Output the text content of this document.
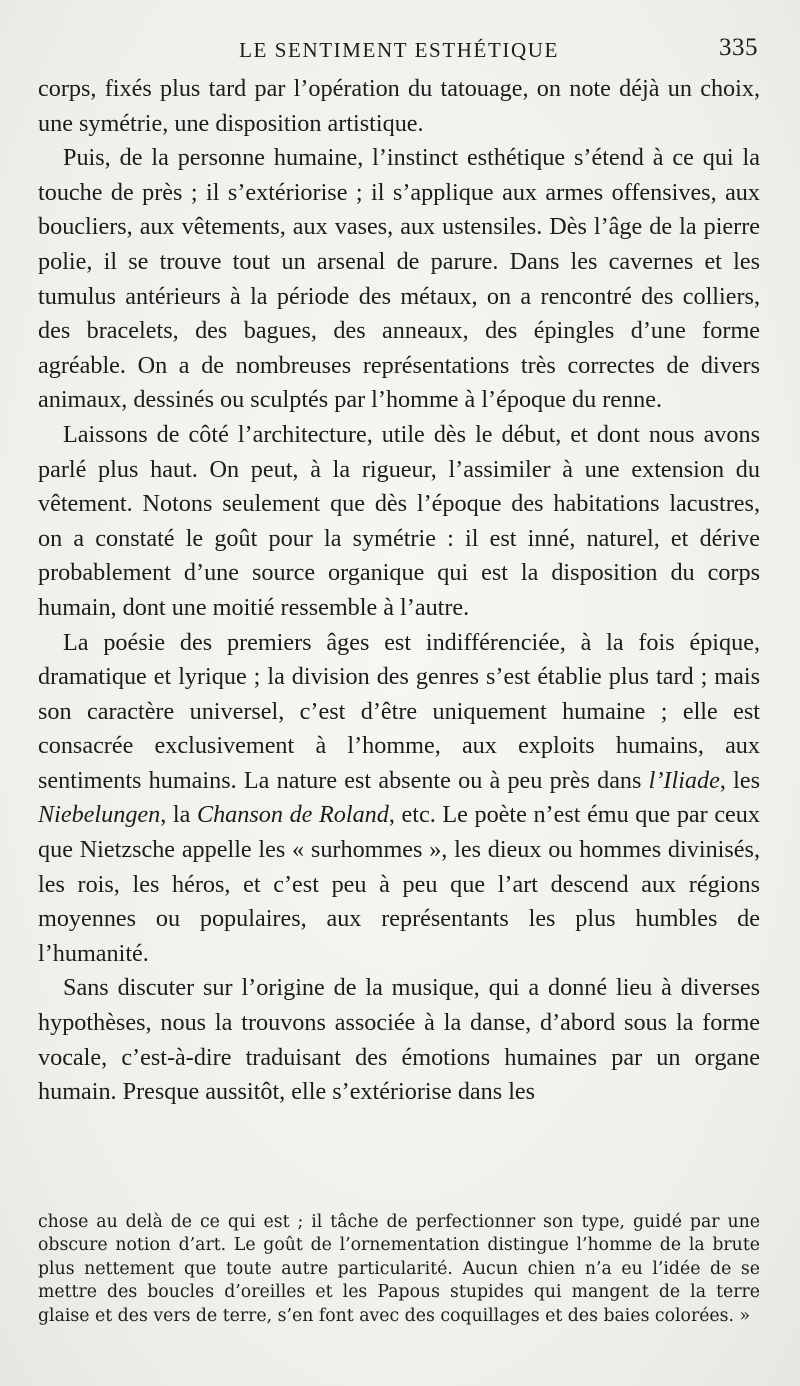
LE SENTIMENT ESTHÉTIQUE	335

corps, fixés plus tard par l’opération du tatouage, on note déjà un choix, une symétrie, une disposition artistique.

Puis, de la personne humaine, l’instinct esthétique s’étend à ce qui la touche de près ; il s’extériorise ; il s’applique aux armes offensives, aux boucliers, aux vêtements, aux vases, aux ustensiles. Dès l’âge de la pierre polie, il se trouve tout un arsenal de parure. Dans les cavernes et les tumulus antérieurs à la période des métaux, on a rencontré des colliers, des bracelets, des bagues, des anneaux, des épingles d’une forme agréable. On a de nombreuses représentations très correctes de divers animaux, dessinés ou sculptés par l’homme à l’époque du renne.

Laissons de côté l’architecture, utile dès le début, et dont nous avons parlé plus haut. On peut, à la rigueur, l’assimiler à une extension du vêtement. Notons seulement que dès l’époque des habitations lacustres, on a constaté le goût pour la symétrie : il est inné, naturel, et dérive probablement d’une source organique qui est la disposition du corps humain, dont une moitié ressemble à l’autre.

La poésie des premiers âges est indifférenciée, à la fois épique, dramatique et lyrique ; la division des genres s’est établie plus tard ; mais son caractère universel, c’est d’être uniquement humaine ; elle est consacrée exclusivement à l’homme, aux exploits humains, aux sentiments humains. La nature est absente ou à peu près dans l’Iliade, les Niebelungen, la Chanson de Roland, etc. Le poète n’est ému que par ceux que Nietzsche appelle les « surhommes », les dieux ou hommes divinisés, les rois, les héros, et c’est peu à peu que l’art descend aux régions moyennes ou populaires, aux représentants les plus humbles de l’humanité.

Sans discuter sur l’origine de la musique, qui a donné lieu à diverses hypothèses, nous la trouvons associée à la danse, d’abord sous la forme vocale, c’est-à-dire traduisant des émotions humaines par un organe humain. Presque aussitôt, elle s’extériorise dans les

chose au delà de ce qui est ; il tâche de perfectionner son type, guidé par une obscure notion d’art. Le goût de l’ornementation distingue l’homme de la brute plus nettement que toute autre particularité. Aucun chien n’a eu l’idée de se mettre des boucles d’oreilles et les Papous stupides qui mangent de la terre glaise et des vers de terre, s’en font avec des coquillages et des baies colorées. »
